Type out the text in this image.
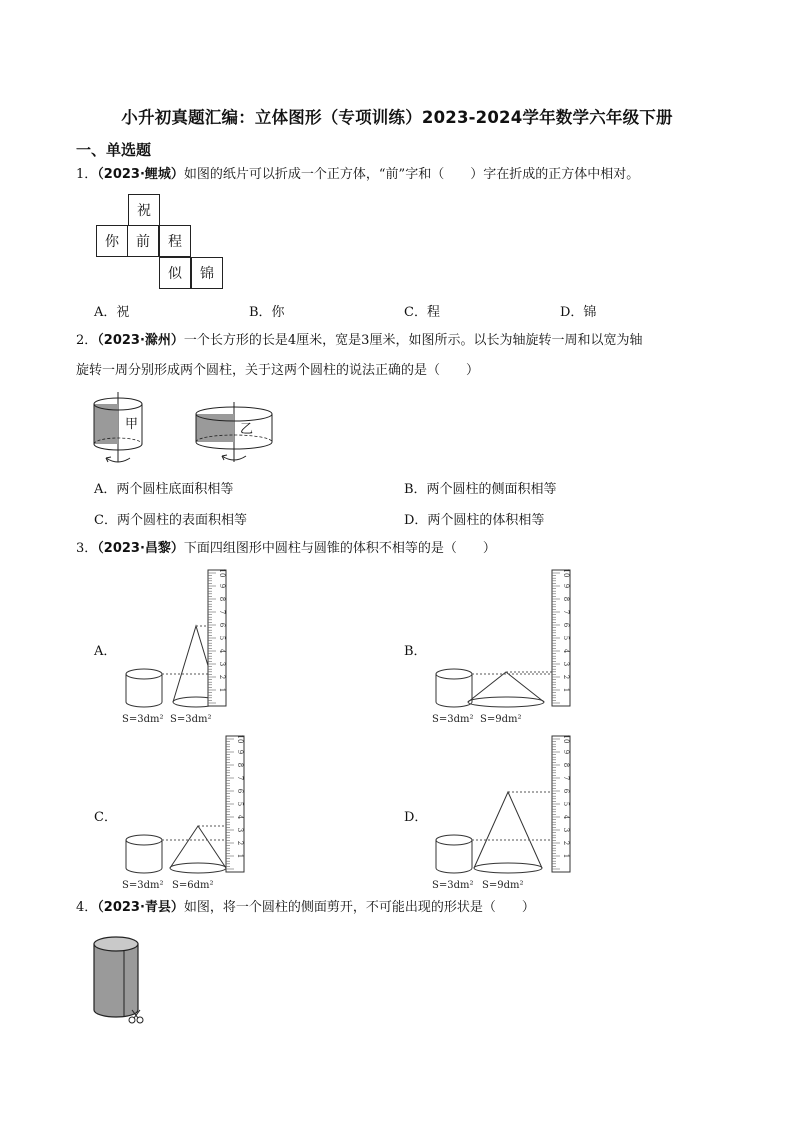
小升初真题汇编：立体图形（专项训练）2023-2024学年数学六年级下册
一、单选题
1．（2023·鲤城）如图的纸片可以折成一个正方体，“前”字和（　　）字在折成的正方体中相对。
祝
你	前	程
似	锦
A．祝	B．你	C．程	D．锦
2．（2023·滁州）一个长方形的长是4厘米，宽是3厘米，如图所示。以长为轴旋转一周和以宽为轴
旋转一周分别形成两个圆柱，关于这两个圆柱的说法正确的是（　　）
甲	乙
A．两个圆柱底面积相等	B．两个圆柱的侧面积相等
C．两个圆柱的表面积相等	D．两个圆柱的体积相等
3．（2023·昌黎）下面四组图形中圆柱与圆锥的体积不相等的是（　　）
A．	B．
C．	D．
1
2
3
4
5
6
7
8
9
10
S=3dm² S=3dm²
1
2
3
4
5
6
7
8
9
10
S=3dm² S=9dm²
1
2
3
4
5
6
7
8
9
10
S=3dm² S=6dm²
1
2
3
4
5
6
7
8
9
10
S=3dm² S=9dm²
4．（2023·青县）如图，将一个圆柱的侧面剪开，不可能出现的形状是（　　）
